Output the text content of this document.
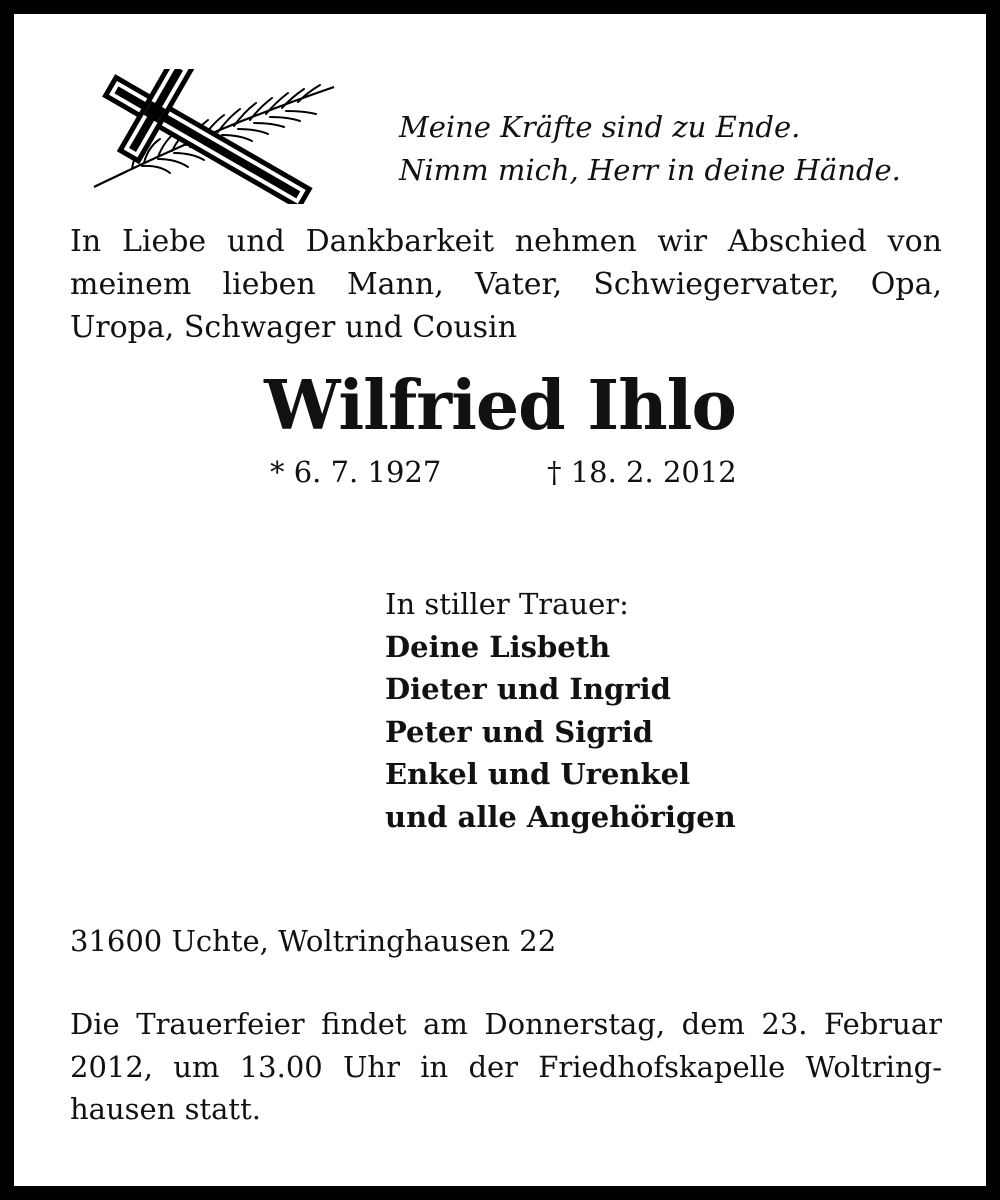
Meine Kräfte sind zu Ende.
Nimm mich, Herr in deine Hände.
In Liebe und Dankbarkeit nehmen wir Abschied von
meinem lieben Mann, Vater, Schwiegervater, Opa,
Uropa, Schwager und Cousin
Wilfried Ihlo
* 6. 7. 1927	† 18. 2. 2012
In stiller Trauer:
Deine Lisbeth
Dieter und Ingrid
Peter und Sigrid
Enkel und Urenkel
und alle Angehörigen
31600 Uchte, Woltringhausen 22
Die Trauerfeier findet am Donnerstag, dem 23. Februar
2012, um 13.00 Uhr in der Friedhofskapelle Woltring-
hausen statt.
